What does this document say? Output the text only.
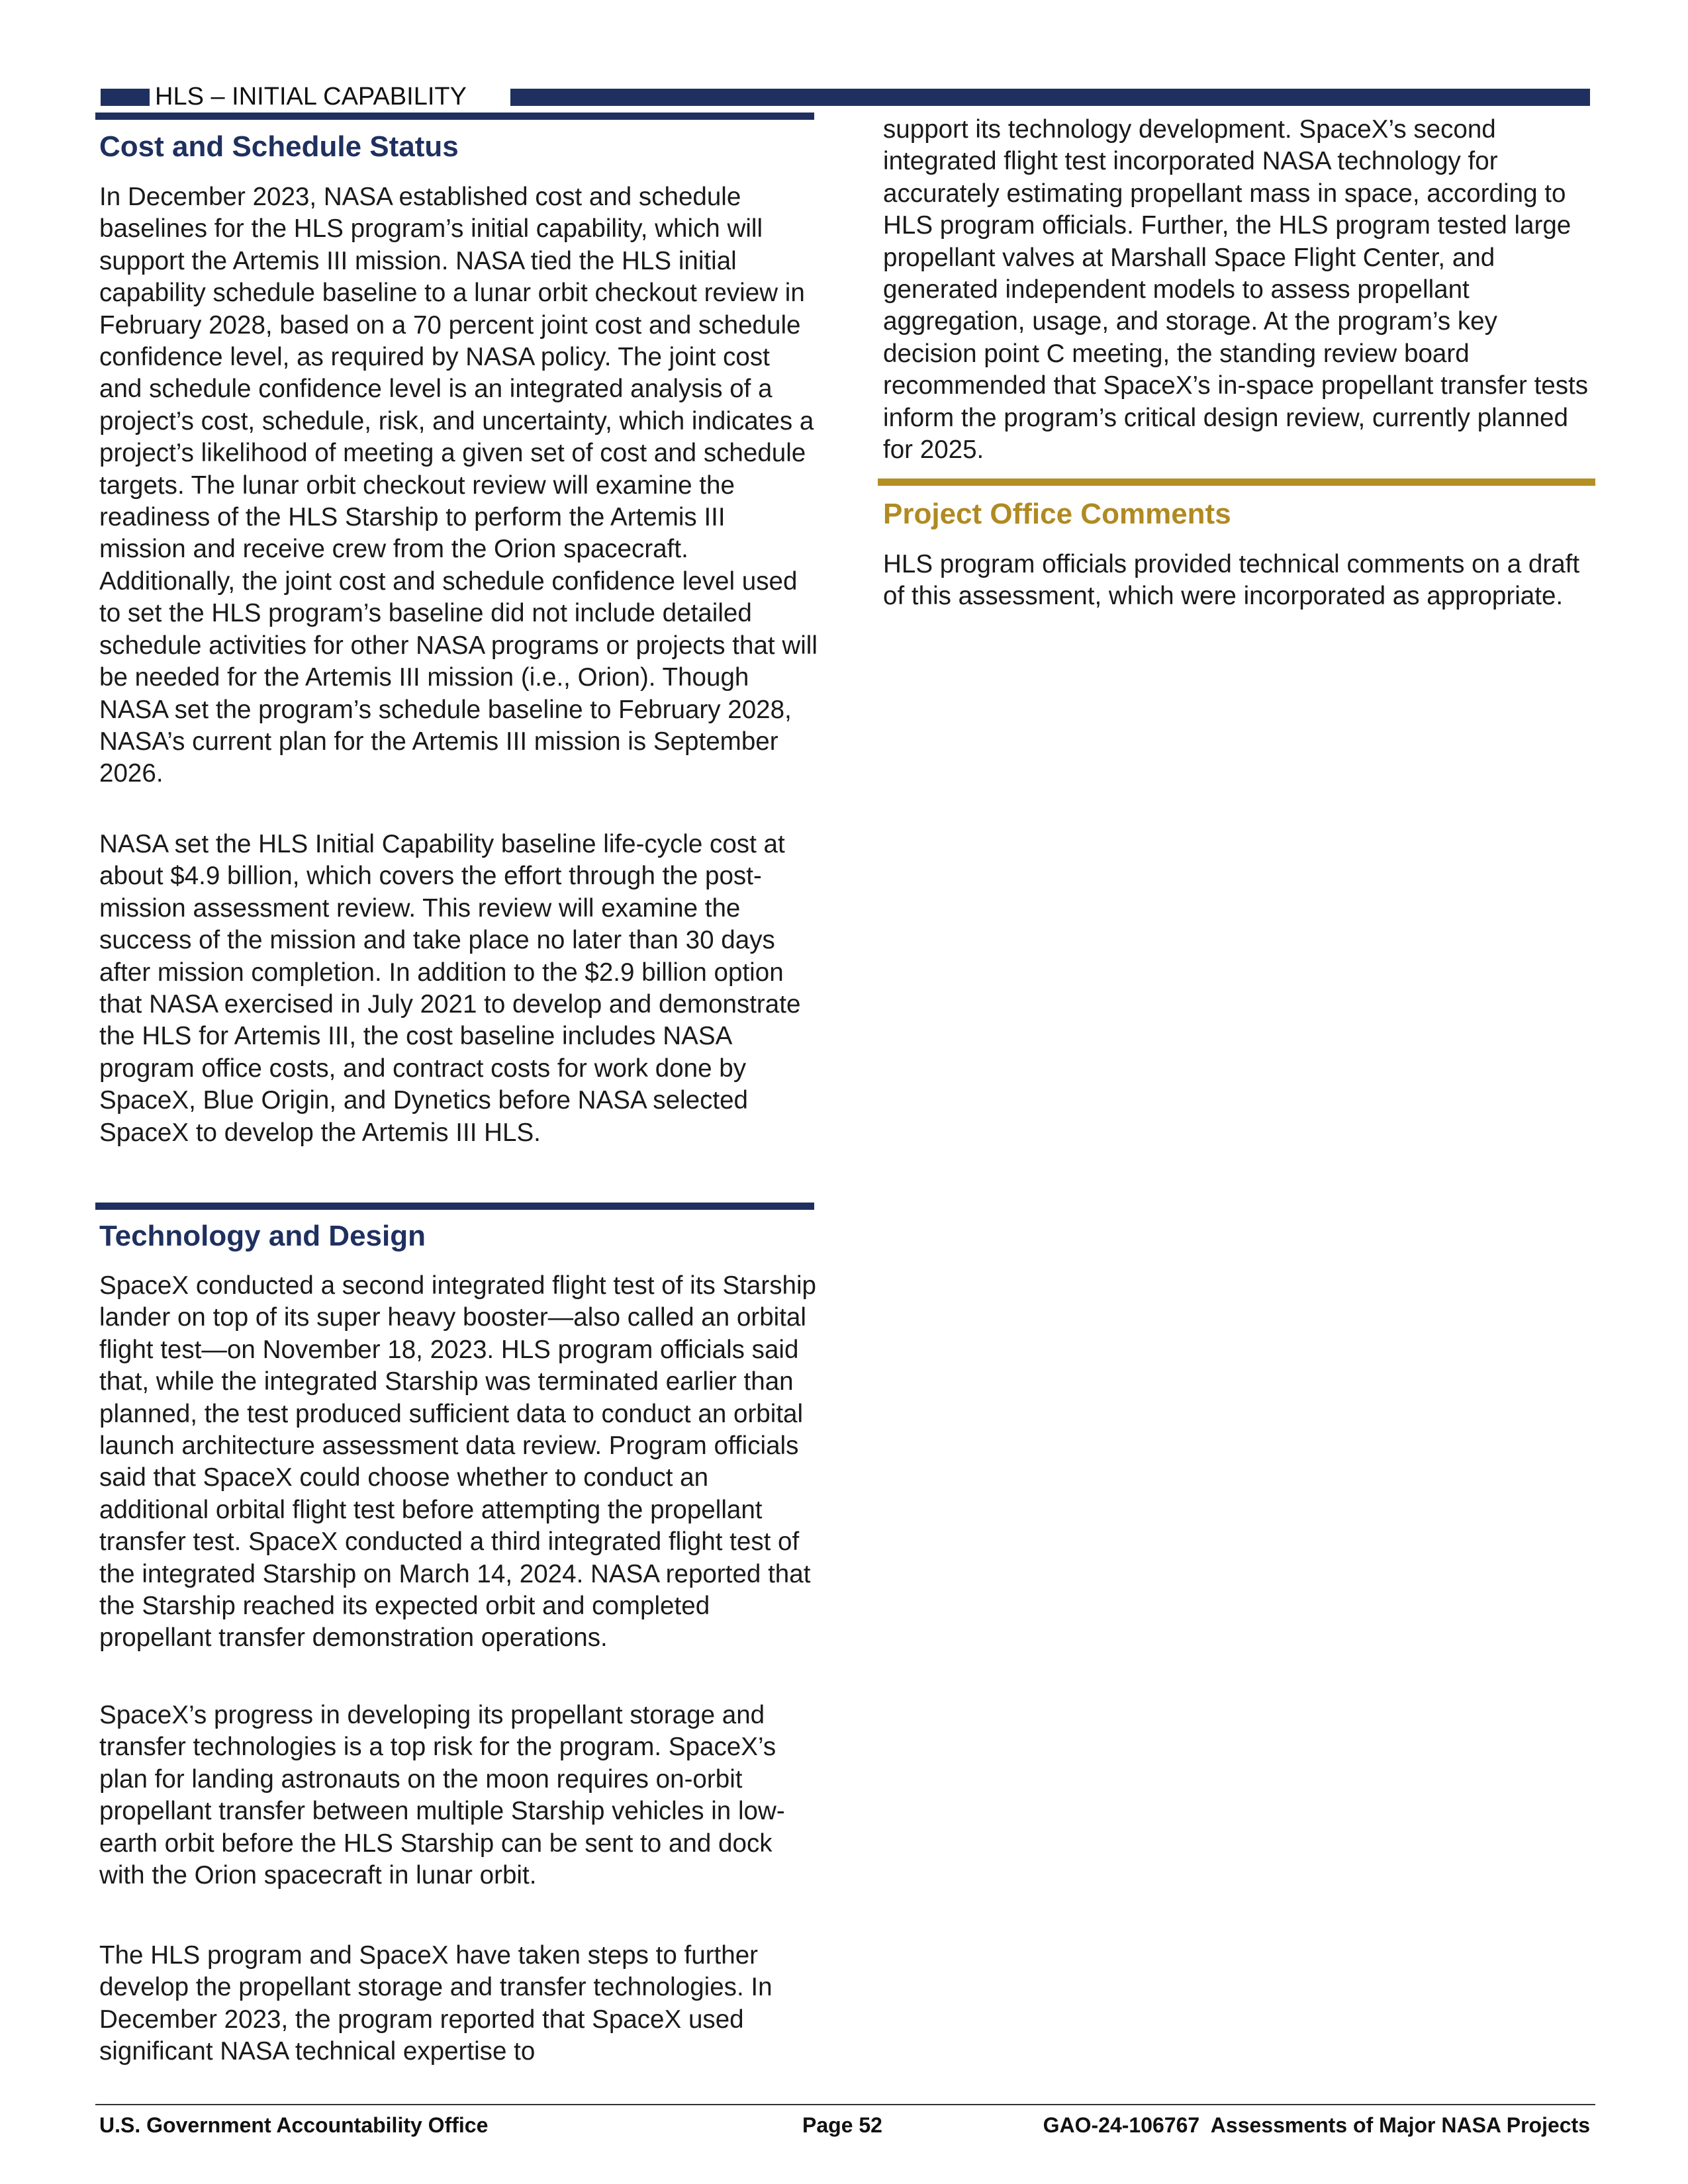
HLS – INITIAL CAPABILITY
Cost and Schedule Status

In December 2023, NASA established cost and schedule baselines for the HLS program’s initial capability, which will support the Artemis III mission. NASA tied the HLS initial capability schedule baseline to a lunar orbit checkout review in February 2028, based on a 70 percent joint cost and schedule confidence level, as required by NASA policy. The joint cost and schedule confidence level is an integrated analysis of a project’s cost, schedule, risk, and uncertainty, which indicates a project’s likelihood of meeting a given set of cost and schedule targets. The lunar orbit checkout review will examine the readiness of the HLS Starship to perform the Artemis III mission and receive crew from the Orion spacecraft. Additionally, the joint cost and schedule confidence level used to set the HLS program’s baseline did not include detailed schedule activities for other NASA programs or projects that will be needed for the Artemis III mission (i.e., Orion). Though NASA set the program’s schedule baseline to February 2028, NASA’s current plan for the Artemis III mission is September 2026.

NASA set the HLS Initial Capability baseline life-cycle cost at about $4.9 billion, which covers the effort through the post-mission assessment review. This review will examine the success of the mission and take place no later than 30 days after mission completion. In addition to the $2.9 billion option that NASA exercised in July 2021 to develop and demonstrate the HLS for Artemis III, the cost baseline includes NASA program office costs, and contract costs for work done by SpaceX, Blue Origin, and Dynetics before NASA selected SpaceX to develop the Artemis III HLS.

Technology and Design

SpaceX conducted a second integrated flight test of its Starship lander on top of its super heavy booster—also called an orbital flight test—on November 18, 2023. HLS program officials said that, while the integrated Starship was terminated earlier than planned, the test produced sufficient data to conduct an orbital launch architecture assessment data review. Program officials said that SpaceX could choose whether to conduct an additional orbital flight test before attempting the propellant transfer test. SpaceX conducted a third integrated flight test of the integrated Starship on March 14, 2024. NASA reported that the Starship reached its expected orbit and completed propellant transfer demonstration operations.

SpaceX’s progress in developing its propellant storage and transfer technologies is a top risk for the program. SpaceX’s plan for landing astronauts on the moon requires on-orbit propellant transfer between multiple Starship vehicles in low-earth orbit before the HLS Starship can be sent to and dock with the Orion spacecraft in lunar orbit.

The HLS program and SpaceX have taken steps to further develop the propellant storage and transfer technologies. In December 2023, the program reported that SpaceX used significant NASA technical expertise to

support its technology development. SpaceX’s second integrated flight test incorporated NASA technology for accurately estimating propellant mass in space, according to HLS program officials. Further, the HLS program tested large propellant valves at Marshall Space Flight Center, and generated independent models to assess propellant aggregation, usage, and storage. At the program’s key decision point C meeting, the standing review board recommended that SpaceX’s in-space propellant transfer tests inform the program’s critical design review, currently planned for 2025.

Project Office Comments

HLS program officials provided technical comments on a draft of this assessment, which were incorporated as appropriate.

U.S. Government Accountability Office	Page 52	GAO-24-106767  Assessments of Major NASA Projects
